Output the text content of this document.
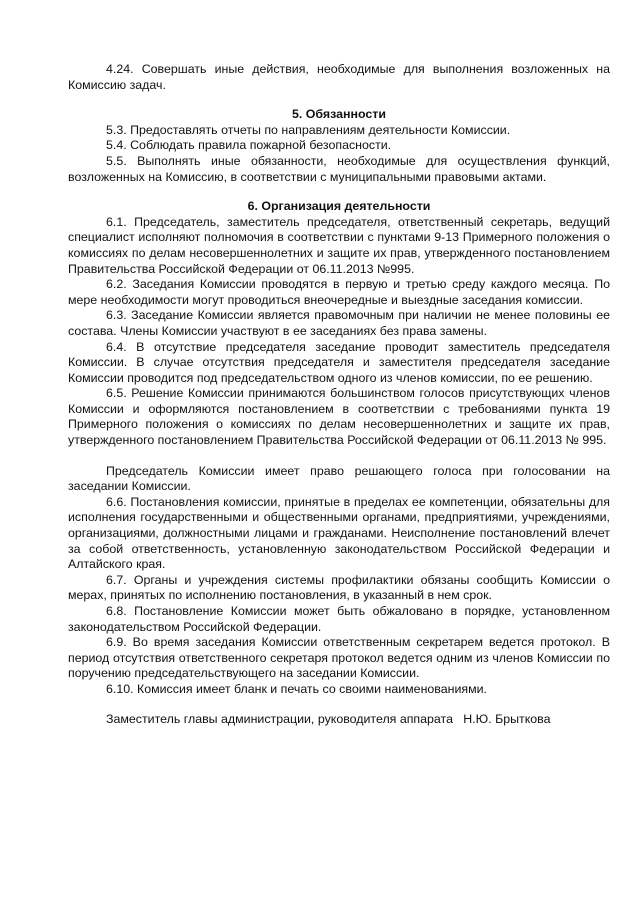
4.24. Совершать иные действия, необходимые для выполнения возложенных на Комиссию задач.

5. Обязанности

5.3. Предоставлять отчеты по направлениям деятельности Комиссии.

5.4. Соблюдать правила пожарной безопасности.

5.5. Выполнять иные обязанности, необходимые для осуществления функций, возложенных на Комиссию, в соответствии с муниципальными правовыми актами.

6. Организация деятельности

6.1. Председатель, заместитель председателя, ответственный секретарь, ведущий специалист исполняют полномочия в соответствии с пунктами 9-13 Примерного положения о комиссиях по делам несовершеннолетних и защите их прав, утвержденного постановлением Правительства Российской Федерации от 06.11.2013 №995.

6.2. Заседания Комиссии проводятся в первую и третью среду каждого месяца. По мере необходимости могут проводиться внеочередные и выездные заседания комиссии.

6.3. Заседание Комиссии является правомочным при наличии не менее половины ее состава. Члены Комиссии участвуют в ее заседаниях без права замены.

6.4. В отсутствие председателя заседание проводит заместитель председателя Комиссии. В случае отсутствия председателя и заместителя председателя заседание Комиссии проводится под председательством одного из членов комиссии, по ее решению.

6.5. Решение Комиссии принимаются большинством голосов присутствующих членов Комиссии и оформляются постановлением в соответствии с требованиями пункта 19 Примерного положения о комиссиях по делам несовершеннолетних и защите их прав, утвержденного постановлением Правительства Российской Федерации от 06.11.2013 № 995.

Председатель Комиссии имеет право решающего голоса при голосовании на заседании Комиссии.

6.6. Постановления комиссии, принятые в пределах ее компетенции, обязательны для исполнения государственными и общественными органами, предприятиями, учреждениями, организациями, должностными лицами и гражданами. Неисполнение постановлений влечет за собой ответственность, установленную законодательством Российской Федерации и Алтайского края.

6.7. Органы и учреждения системы профилактики обязаны сообщить Комиссии о мерах, принятых по исполнению постановления, в указанный в нем срок.

6.8. Постановление Комиссии может быть обжаловано в порядке, установленном законодательством Российской Федерации.

6.9. Во время заседания Комиссии ответственным секретарем ведется протокол. В период отсутствия ответственного секретаря протокол ведется одним из членов Комиссии по поручению председательствующего на заседании Комиссии.

6.10. Комиссия имеет бланк и печать со своими наименованиями.

Заместитель главы администрации, руководителя аппарата   Н.Ю. Брыткова
